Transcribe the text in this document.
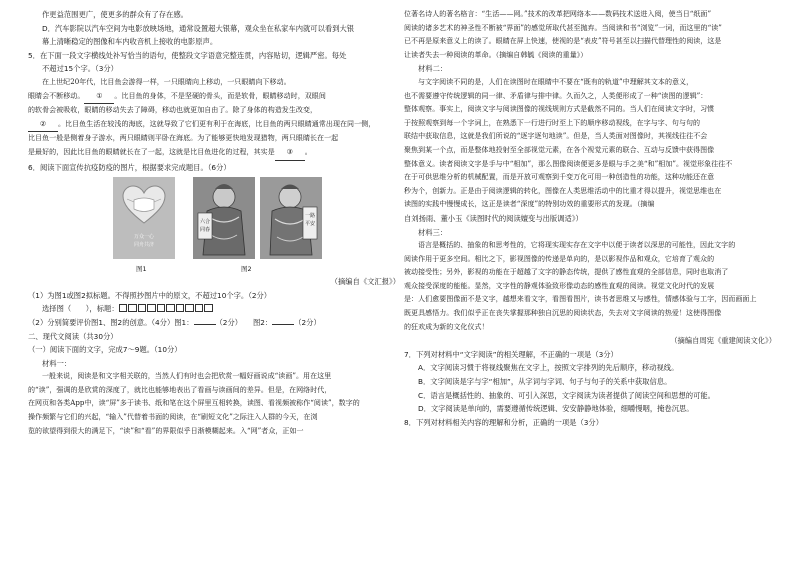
作更益范围更广，使更多的群众有了存在感。

D．汽车影院以汽车空间为电影放映场地，通常设置超大银幕，观众坐在私家车内就可以看到大银

幕上清晰稳定的图像和车内收音机上接收的电影原声。

5．在下面一段文字横线处补写恰当的语句，使整段文字语意完整连贯，内容贴切，逻辑严密。每处

不超过15个字。（3分）

在上世纪20年代，比目鱼会游得一样，一只眼睛向上移动，一只眼睛向下移动。

眼睛会不断移动。 ① 。比目鱼的身体，不是坚硬的骨头，而是软骨，眼睛移动时，双眼间

的软骨会被吸收，眼睛的移动失去了障碍，移动也就更加自由了。除了身体的构造发生改变，

② 。比目鱼生活在较浅的海底，这就导致了它们更有利于在海底，比目鱼的两只眼睛通常出现在同一侧，

比目鱼一般是侧着身子游水，两只眼睛则平卧在海底。为了能够更快地发现猎物，两只眼睛长在一起

是最好的，因此比目鱼的眼睛就长在了一起，这就是比目鱼进化的过程，其实是 ③ 。

6．阅读下面宣传抗疫防疫的图片，根据要求完成题目。（6分）

万众一心
同舟共济
六合
同春
一路
平安
图1	图2

（摘编自《文汇报》）

（1）为图1或图2拟标题。不得照抄图片中的原文，不超过10个字。（2分）

选择图（　　），标题：

（2）分别简要评价图1、图2的创意。（4分）图1：	（2分）　　图2：	（2分）

二、现代文阅读（共30分）

（一）阅读下面的文字，完成7～9题。（10分）

材料一：

一般来说，阅读是和文字相关联的，当然人们有时也会把欣赏一幅好画说成“读画”。用在这里

的“读”，强调的是欣赏的深度了，就比也能够地表出了看画与读画间的差异。但是，在网络时代，

在网页和各类App中，读“屏”多于读书、纸和笔在这个屏里互相转换，读图、看视频被称作“阅读”，数字的

操作频繁与它们的兴起，“输入”代替着书面的阅读，在“刷短文化”之际注入人群的今天，在浏

览的欲望得到很大的满足下，“读”和“看”的界限似乎日渐模糊起来。入“网”者众，正如一

位著名诗人的著名格言：“生活——网。”技术的改革把网络本——数码技术送进入阅，使当日“纸面”

阅读的诸多艺术的神圣性不断被“界面”的感觉所取代甚至抛弃。当阅读和书“浏览”一词，而这里的“读”

已不再是原来意义上的读了。眼睛在屏上快速，使视的是“表皮”符号甚至以扫描代替理性的阅读，这是

让读者失去一种阅读的革命。（摘编自韩毓《阅读的重量》）

材料二：

与文字阅读不同的是，人们在读图时在眼睛中不要在“既有的轨道”中理解其文本的意义，

也不需要遵守传统逻辑的同一律、矛盾律与排中律。久而久之，人类便形成了一种“读图的逻辑”：

整体观察。事实上，阅读文字与阅读图像的视线规则方式是截然不同的。当人们在阅读文字时，习惯

于按照观察到每一个字词上，在熟悉下一行进行时至上下的顺序移动视线，在字与字、句与句的

联结中获取信息，这就是我们所说的“逐字逐句地读”。但是，当人类面对图像时，其视线往往不会

聚焦到某一个点，而是整体地投射至全部视觉元素，在各个视觉元素的联合、互动与反馈中获得图像

整体意义。读者阅读文字是手与中“相加”，那么图像阅读便更多是眼与手之美“和”相加”。视觉形象往往不

在于可供思维分析的机械配置，而是开放可观察到千变万化可用一种创造性的功能，这种功能还在意

秒为个，创新力。正是由于阅读逻辑的转化，图像在人类思维活动中的比重才得以提升，视觉思维也在

读图的实践中慢慢成长，这正是读者“深度”的特别功效的重要形式的发现。（摘编

自刘扬雨、董小玉《读图时代的阅读嬗变与出版调适》）

材料三：

语言是概括的、抽象的和思考性的，它将现实现实存在文字中以便于读者以深思的可能性，因此文字的

阅读作用于更多空间。相比之下，影视图像的传递是单向的，是以影视作品和观众，它培育了观众的

被动接受性；另外，影视的功能在于超越了文字的静态传统，提供了感性直观的全部信息，同时也取消了

观众接受深度的能能。显然，文字性的静观体验致形像动态的感性直观的阅读。视觉文化时代的发展

是：人们愈要图像面不是文字，越想来看文字，看图看图片，读书者思维又与感性，情感体验与工字，因而画面上

既更具感悟力。我们似乎正在丧失掌握那种独自沉思的阅读状态，失去对文字阅读的热爱！这使得图像

的狂欢成为新的文化仪式！

（摘编自周宪《重建阅读文化》）

7．下列对材料中“文字阅读”的相关理解，不正确的一项是（3分）

A．文字阅读习惯于将视线聚焦在文字上，按照文字排列的先后顺序，移动视线。

B．文字阅读是字与字“相加”，从字词与字词、句子与句子的关系中获取信息。

C．语言是概括性的、抽象的、可引入深思，文字阅读为读者提供了阅读空间和思想的可能。

D．文字阅读是单向的，需要遵循传统逻辑、安安静静地体验，细嚼慢咽，掩卷沉思。

8．下列对材料相关内容的理解和分析，正确的一项是（3分）
